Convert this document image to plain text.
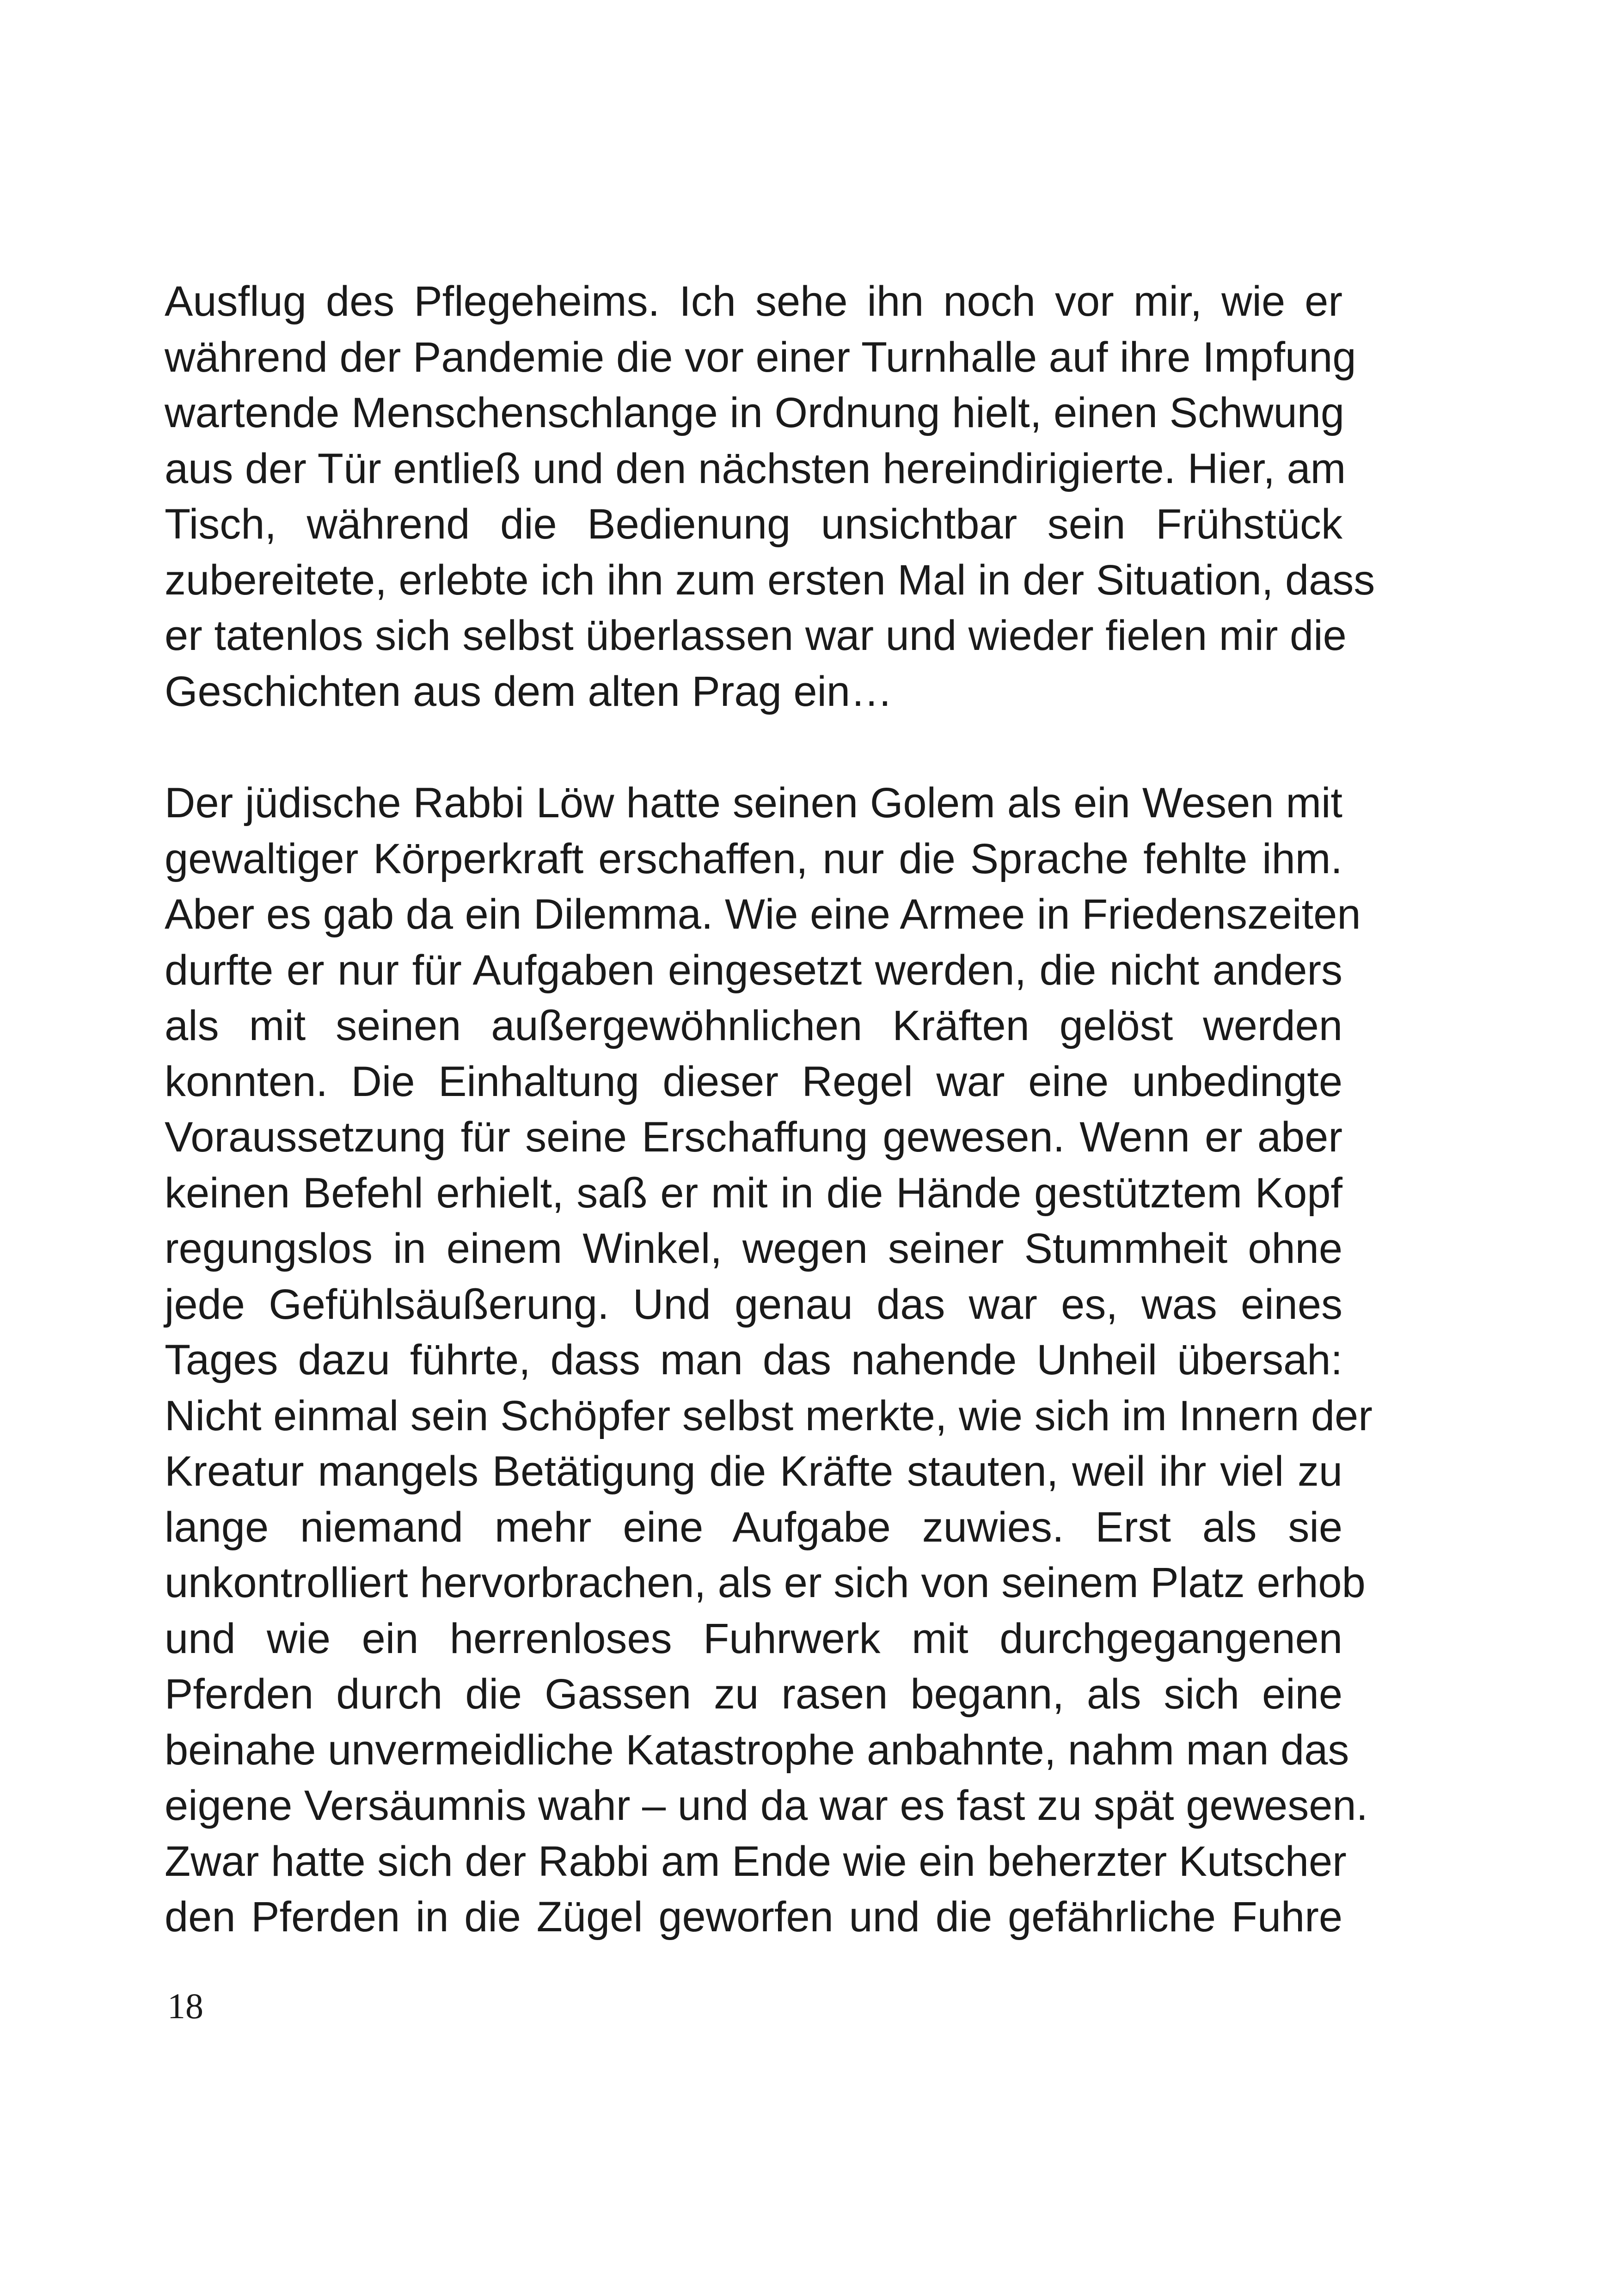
Ausflug des Pflegeheims. Ich sehe ihn noch vor mir, wie er
während der Pandemie die vor einer Turnhalle auf ihre Impfung
wartende Menschenschlange in Ordnung hielt, einen Schwung
aus der Tür entließ und den nächsten hereindirigierte. Hier, am
Tisch, während die Bedienung unsichtbar sein Frühstück
zubereitete, erlebte ich ihn zum ersten Mal in der Situation, dass
er tatenlos sich selbst überlassen war und wieder fielen mir die
Geschichten aus dem alten Prag ein…
Der jüdische Rabbi Löw hatte seinen Golem als ein Wesen mit
gewaltiger Körperkraft erschaffen, nur die Sprache fehlte ihm.
Aber es gab da ein Dilemma. Wie eine Armee in Friedenszeiten
durfte er nur für Aufgaben eingesetzt werden, die nicht anders
als mit seinen außergewöhnlichen Kräften gelöst werden
konnten. Die Einhaltung dieser Regel war eine unbedingte
Voraussetzung für seine Erschaffung gewesen. Wenn er aber
keinen Befehl erhielt, saß er mit in die Hände gestütztem Kopf
regungslos in einem Winkel, wegen seiner Stummheit ohne
jede Gefühlsäußerung. Und genau das war es, was eines
Tages dazu führte, dass man das nahende Unheil übersah:
Nicht einmal sein Schöpfer selbst merkte, wie sich im Innern der
Kreatur mangels Betätigung die Kräfte stauten, weil ihr viel zu
lange niemand mehr eine Aufgabe zuwies. Erst als sie
unkontrolliert hervorbrachen, als er sich von seinem Platz erhob
und wie ein herrenloses Fuhrwerk mit durchgegangenen
Pferden durch die Gassen zu rasen begann, als sich eine
beinahe unvermeidliche Katastrophe anbahnte, nahm man das
eigene Versäumnis wahr – und da war es fast zu spät gewesen.
Zwar hatte sich der Rabbi am Ende wie ein beherzter Kutscher
den Pferden in die Zügel geworfen und die gefährliche Fuhre
18
